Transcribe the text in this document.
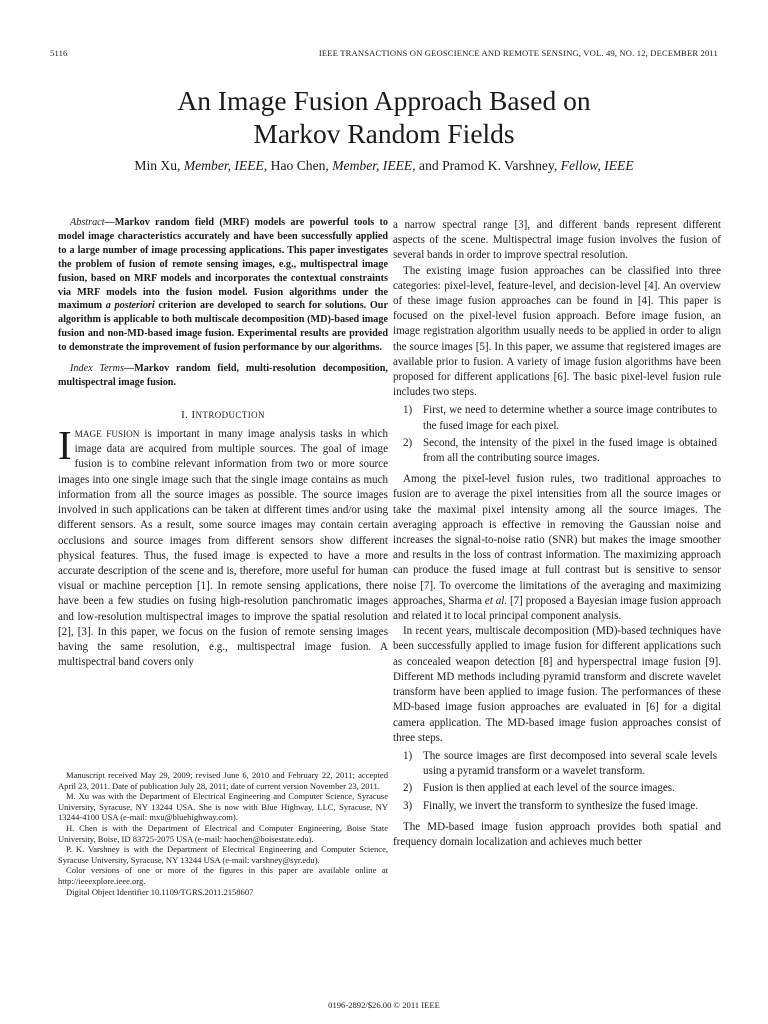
5116	IEEE TRANSACTIONS ON GEOSCIENCE AND REMOTE SENSING, VOL. 49, NO. 12, DECEMBER 2011
An Image Fusion Approach Based on
Markov Random Fields
Min Xu, Member, IEEE, Hao Chen, Member, IEEE, and Pramod K. Varshney, Fellow, IEEE

Abstract—Markov random field (MRF) models are powerful tools to model image characteristics accurately and have been successfully applied to a large number of image processing applications. This paper investigates the problem of fusion of remote sensing images, e.g., multispectral image fusion, based on MRF models and incorporates the contextual constraints via MRF models into the fusion model. Fusion algorithms under the maximum a posteriori criterion are developed to search for solutions. Our algorithm is applicable to both multiscale decomposition (MD)-based image fusion and non-MD-based image fusion. Experimental results are provided to demonstrate the improvement of fusion performance by our algorithms.

Index Terms—Markov random field, multi-resolution decomposition, multispectral image fusion.

I. INTRODUCTION

IMAGE FUSION is important in many image analysis tasks in which image data are acquired from multiple sources. The goal of image fusion is to combine relevant information from two or more source images into one single image such that the single image contains as much information from all the source images as possible. The source images involved in such applications can be taken at different times and/or using different sensors. As a result, some source images may contain certain occlusions and source images from different sensors show different physical features. Thus, the fused image is expected to have a more accurate description of the scene and is, therefore, more useful for human visual or machine perception [1]. In remote sensing applications, there have been a few studies on fusing high-resolution panchromatic images and low-resolution multispectral images to improve the spatial resolution [2], [3]. In this paper, we focus on the fusion of remote sensing images having the same resolution, e.g., multispectral image fusion. A multispectral band covers only

Manuscript received May 29, 2009; revised June 6, 2010 and February 22, 2011; accepted April 23, 2011. Date of publication July 28, 2011; date of current version November 23, 2011.

M. Xu was with the Department of Electrical Engineering and Computer Science, Syracuse University, Syracuse, NY 13244 USA. She is now with Blue Highway, LLC, Syracuse, NY 13244-4100 USA (e-mail: mxu@bluehighway.com).

H. Chen is with the Department of Electrical and Computer Engineering, Boise State University, Boise, ID 83725-2075 USA (e-mail: haochen@boisestate.edu).

P. K. Varshney is with the Department of Electrical Engineering and Computer Science, Syracuse University, Syracuse, NY 13244 USA (e-mail: varshney@syr.edu).

Color versions of one or more of the figures in this paper are available online at http://ieeexplore.ieee.org.

Digital Object Identifier 10.1109/TGRS.2011.2158607

a narrow spectral range [3], and different bands represent different aspects of the scene. Multispectral image fusion involves the fusion of several bands in order to improve spectral resolution.

The existing image fusion approaches can be classified into three categories: pixel-level, feature-level, and decision-level [4]. An overview of these image fusion approaches can be found in [4]. This paper is focused on the pixel-level fusion approach. Before image fusion, an image registration algorithm usually needs to be applied in order to align the source images [5]. In this paper, we assume that registered images are available prior to fusion. A variety of image fusion algorithms have been proposed for different applications [6]. The basic pixel-level fusion rule includes two steps.

1) First, we need to determine whether a source image contributes to the fused image for each pixel.
2) Second, the intensity of the pixel in the fused image is obtained from all the contributing source images.

Among the pixel-level fusion rules, two traditional approaches to fusion are to average the pixel intensities from all the source images or take the maximal pixel intensity among all the source images. The averaging approach is effective in removing the Gaussian noise and increases the signal-to-noise ratio (SNR) but makes the image smoother and results in the loss of contrast information. The maximizing approach can produce the fused image at full contrast but is sensitive to sensor noise [7]. To overcome the limitations of the averaging and maximizing approaches, Sharma et al. [7] proposed a Bayesian image fusion approach and related it to local principal component analysis.

In recent years, multiscale decomposition (MD)-based techniques have been successfully applied to image fusion for different applications such as concealed weapon detection [8] and hyperspectral image fusion [9]. Different MD methods including pyramid transform and discrete wavelet transform have been applied to image fusion. The performances of these MD-based image fusion approaches are evaluated in [6] for a digital camera application. The MD-based image fusion approaches consist of three steps.

1) The source images are first decomposed into several scale levels using a pyramid transform or a wavelet transform.
2) Fusion is then applied at each level of the source images.
3) Finally, we invert the transform to synthesize the fused image.

The MD-based image fusion approach provides both spatial and frequency domain localization and achieves much better

0196-2892/$26.00 © 2011 IEEE
